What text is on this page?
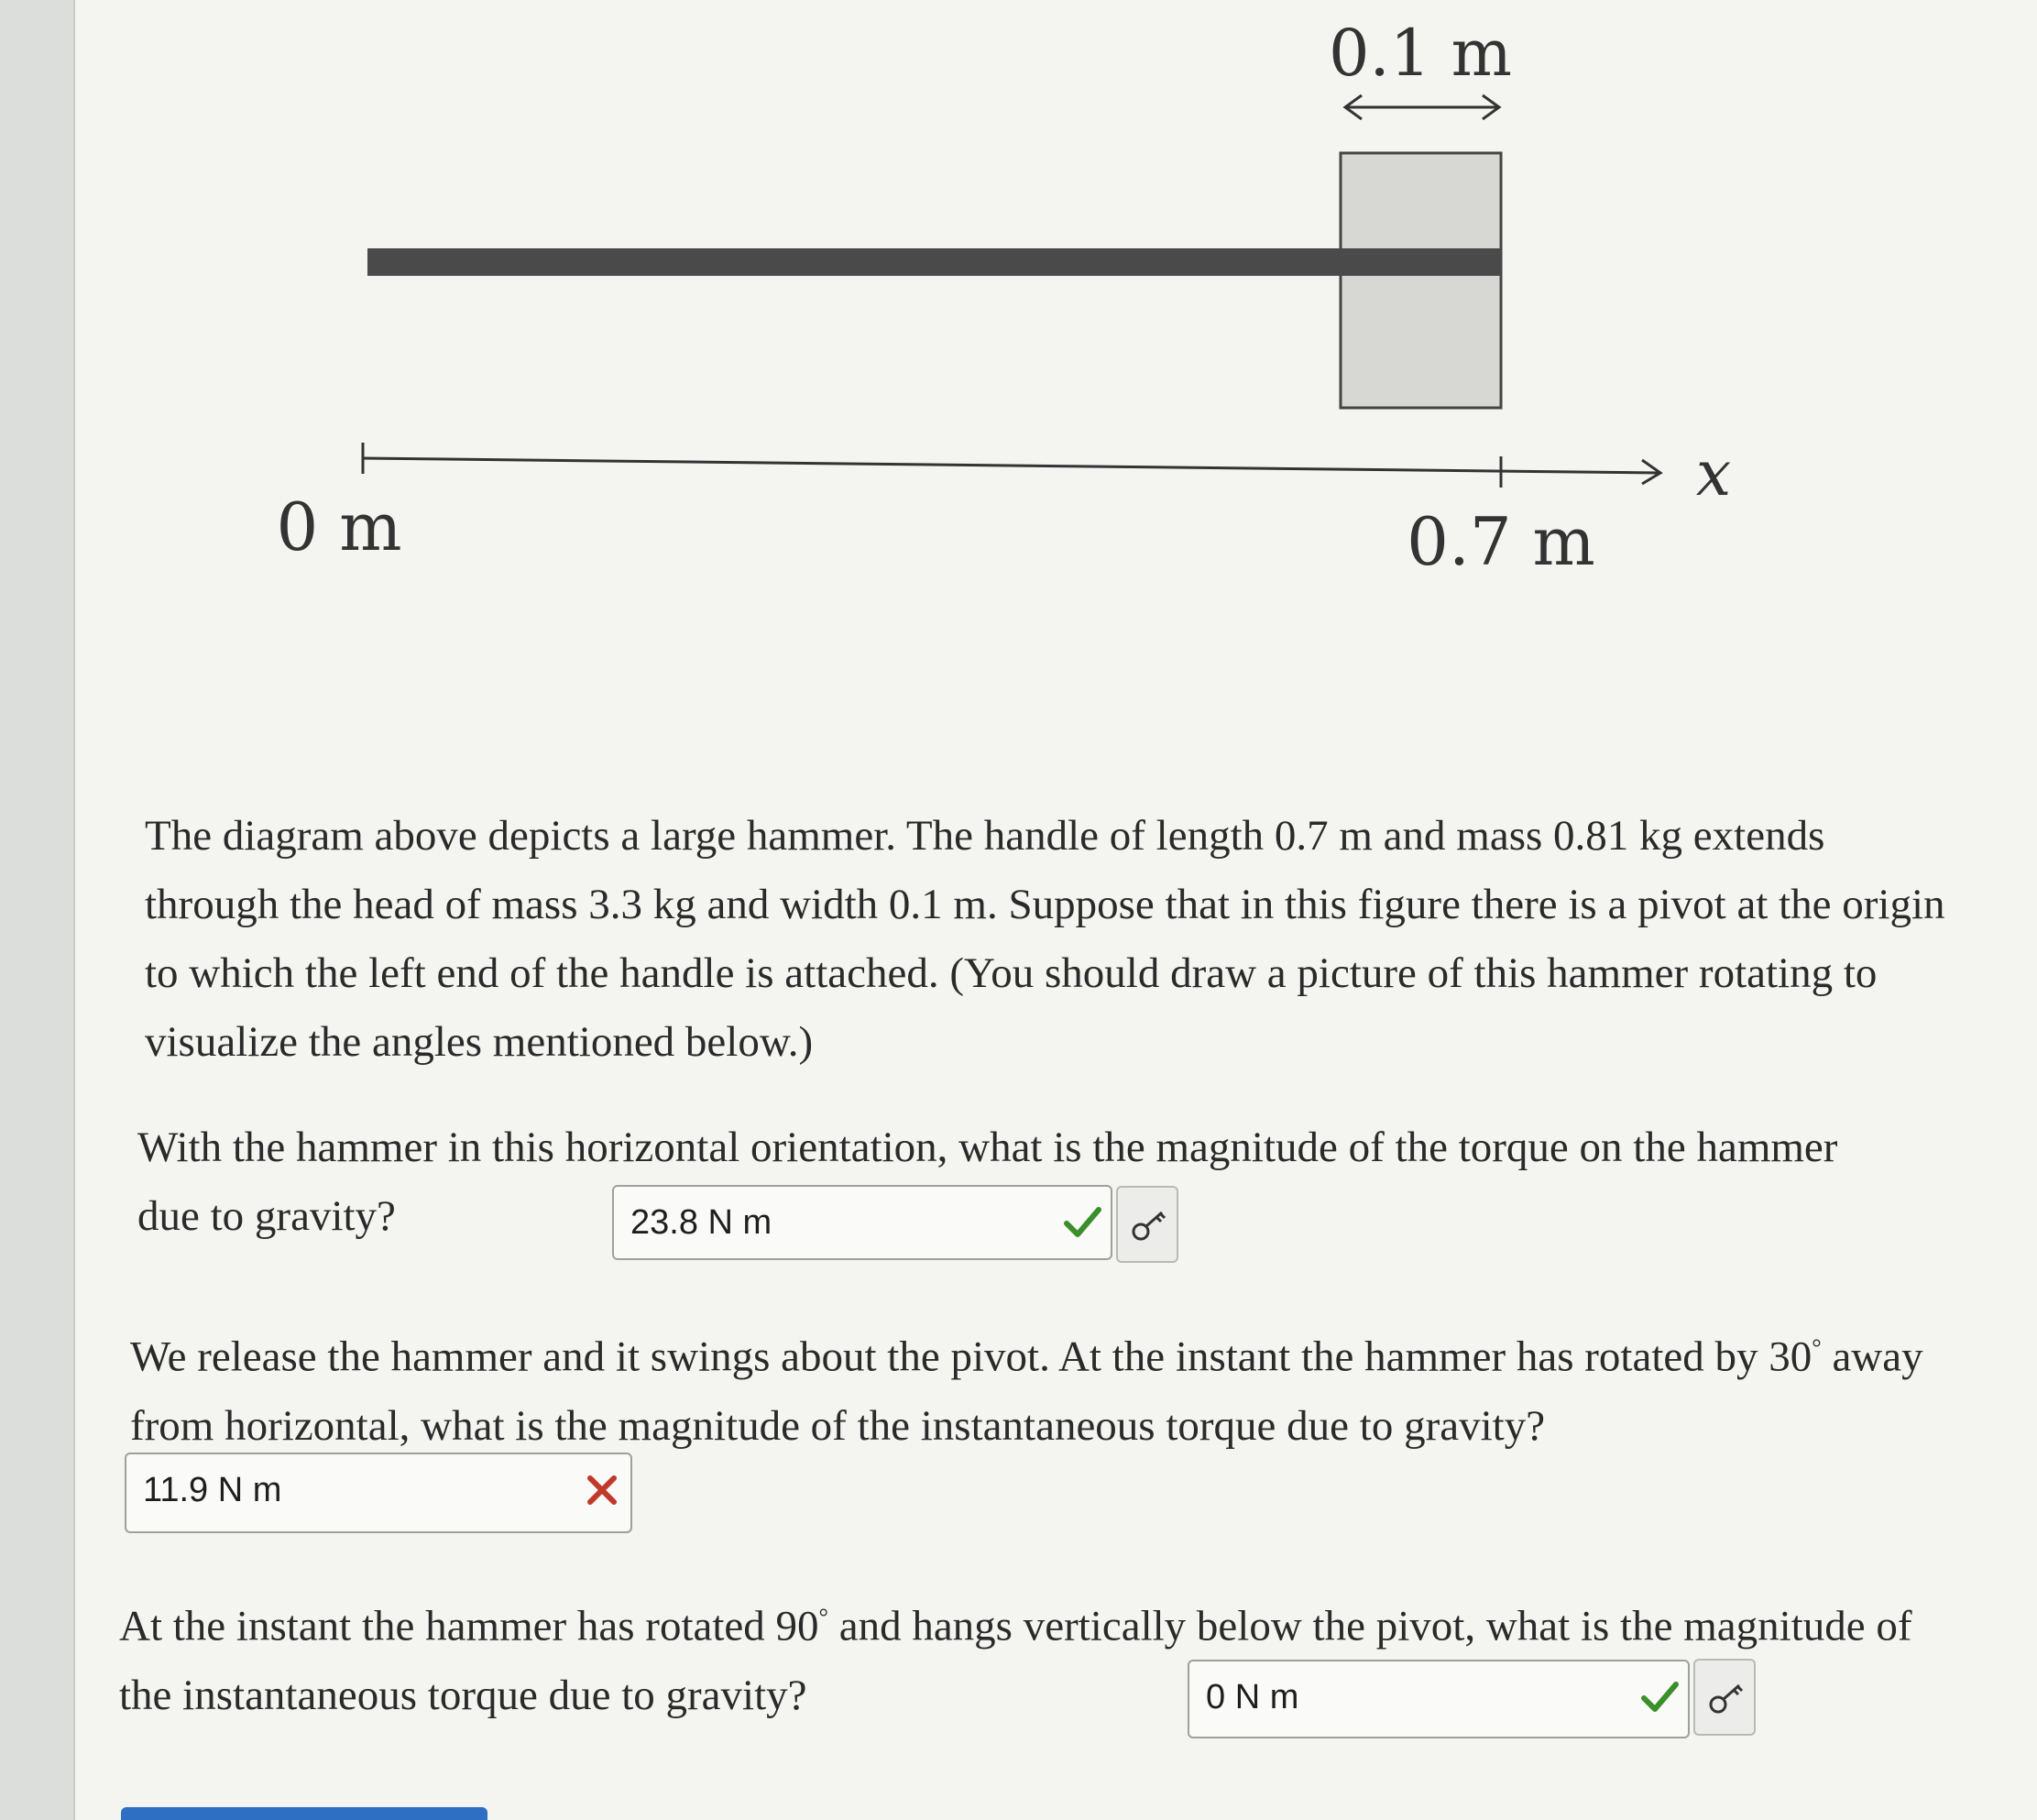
0.1 m
x
0 m	0.7 m
The diagram above depicts a large hammer. The handle of length 0.7 m and mass 0.81 kg extends through the head of mass 3.3 kg and width 0.1 m. Suppose that in this figure there is a pivot at the origin to which the left end of the handle is attached. (You should draw a picture of this hammer rotating to visualize the angles mentioned below.)
With the hammer in this horizontal orientation, what is the magnitude of the torque on the hammer due to gravity?	23.8 N m
We release the hammer and it swings about the pivot. At the instant the hammer has rotated by 30° away from horizontal, what is the magnitude of the instantaneous torque due to gravity?
11.9 N m
At the instant the hammer has rotated 90° and hangs vertically below the pivot, what is the magnitude of the instantaneous torque due to gravity?	0 N m
